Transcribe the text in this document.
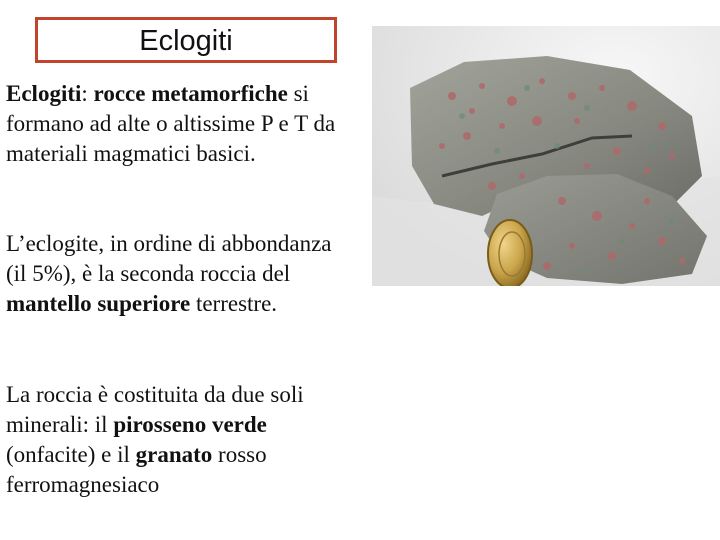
Eclogiti

Eclogiti: rocce metamorfiche si formano ad alte o altissime P e T da materiali magmatici basici.

L’eclogite, in ordine di abbondanza (il 5%), è la seconda roccia del mantello superiore terrestre.

La roccia è costituita da due soli minerali: il pirosseno verde (onfacite) e il granato rosso ferromagnesiaco
